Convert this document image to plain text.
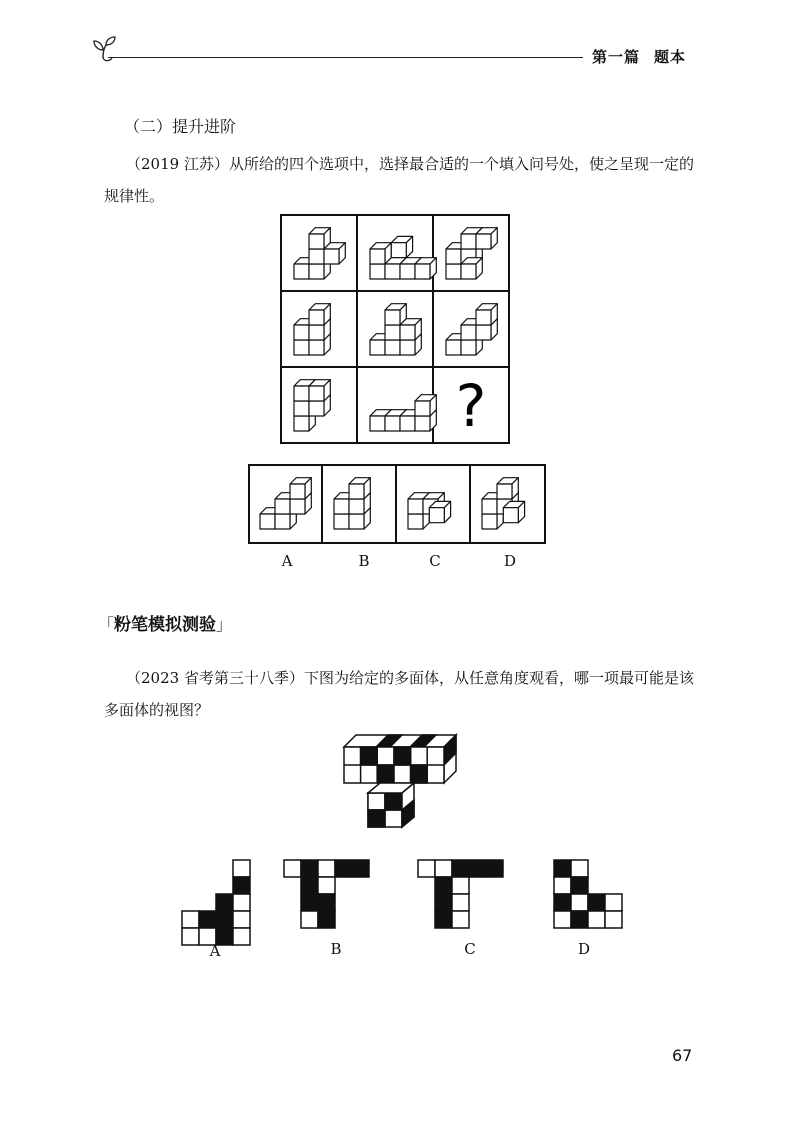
第一篇 题本
（二）提升进阶
（2019 江苏）从所给的四个选项中，选择最合适的一个填入问号处，使之呈现一定的规律性。
?
A	B	C	D
「粉笔模拟测验」
（2023 省考第三十八季）下图为给定的多面体，从任意角度观看，哪一项最可能是该多面体的视图？
A	B	C	D
67
